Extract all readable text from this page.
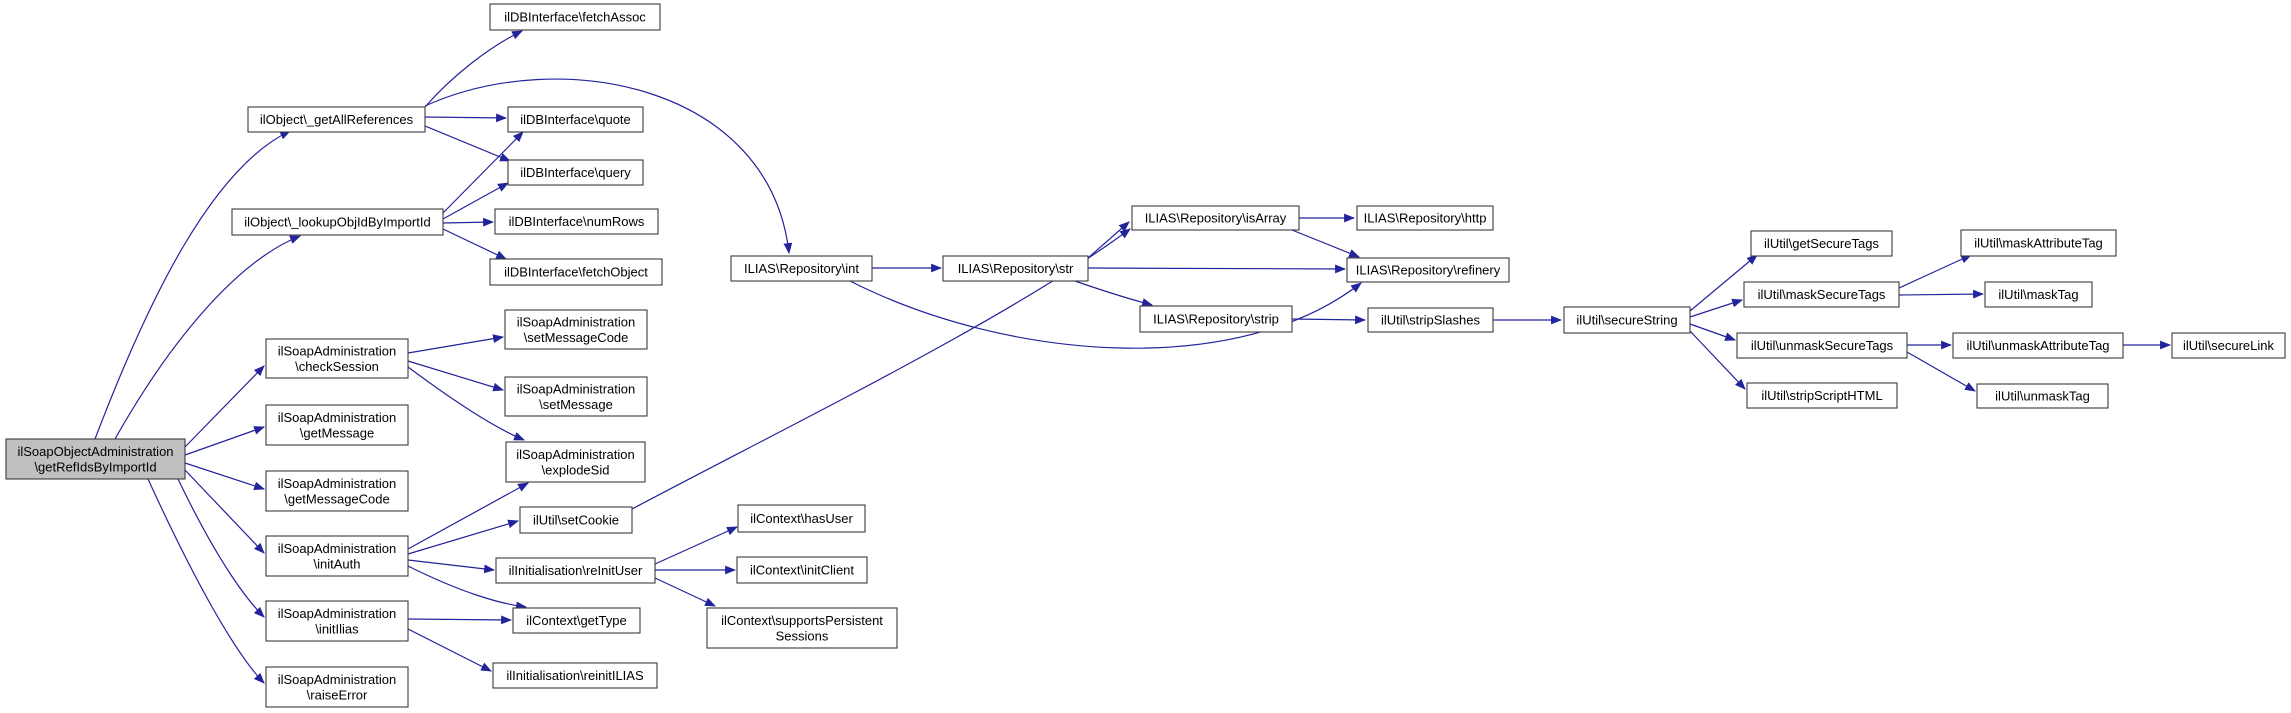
ilSoapObjectAdministration \getRefIdsByImportId
ilObject\_getAllReferences
ilObject\_lookupObjIdByImportId
ilSoapAdministration \checkSession
ilSoapAdministration \getMessage
ilSoapAdministration \getMessageCode
ilSoapAdministration \initAuth
ilSoapAdministration \initIlias
ilSoapAdministration \raiseError
ilDBInterface\fetchAssoc
ilDBInterface\quote
ilDBInterface\query
ilDBInterface\numRows
ilDBInterface\fetchObject
ilSoapAdministration \setMessageCode
ilSoapAdministration \setMessage
ilSoapAdministration \explodeSid
ilUtil\setCookie
ilInitialisation\reInitUser
ilContext\getType
ilInitialisation\reinitILIAS
ilContext\hasUser
ilContext\initClient
ilContext\supportsPersistent Sessions
ILIAS\Repository\int	ILIAS\Repository\str
ILIAS\Repository\isArray	ILIAS\Repository\http
ILIAS\Repository\refinery
ILIAS\Repository\strip	ilUtil\stripSlashes	ilUtil\secureString
ilUtil\getSecureTags
ilUtil\maskSecureTags
ilUtil\unmaskSecureTags
ilUtil\stripScriptHTML
ilUtil\maskAttributeTag
ilUtil\maskTag
ilUtil\unmaskAttributeTag	ilUtil\secureLink
ilUtil\unmaskTag
